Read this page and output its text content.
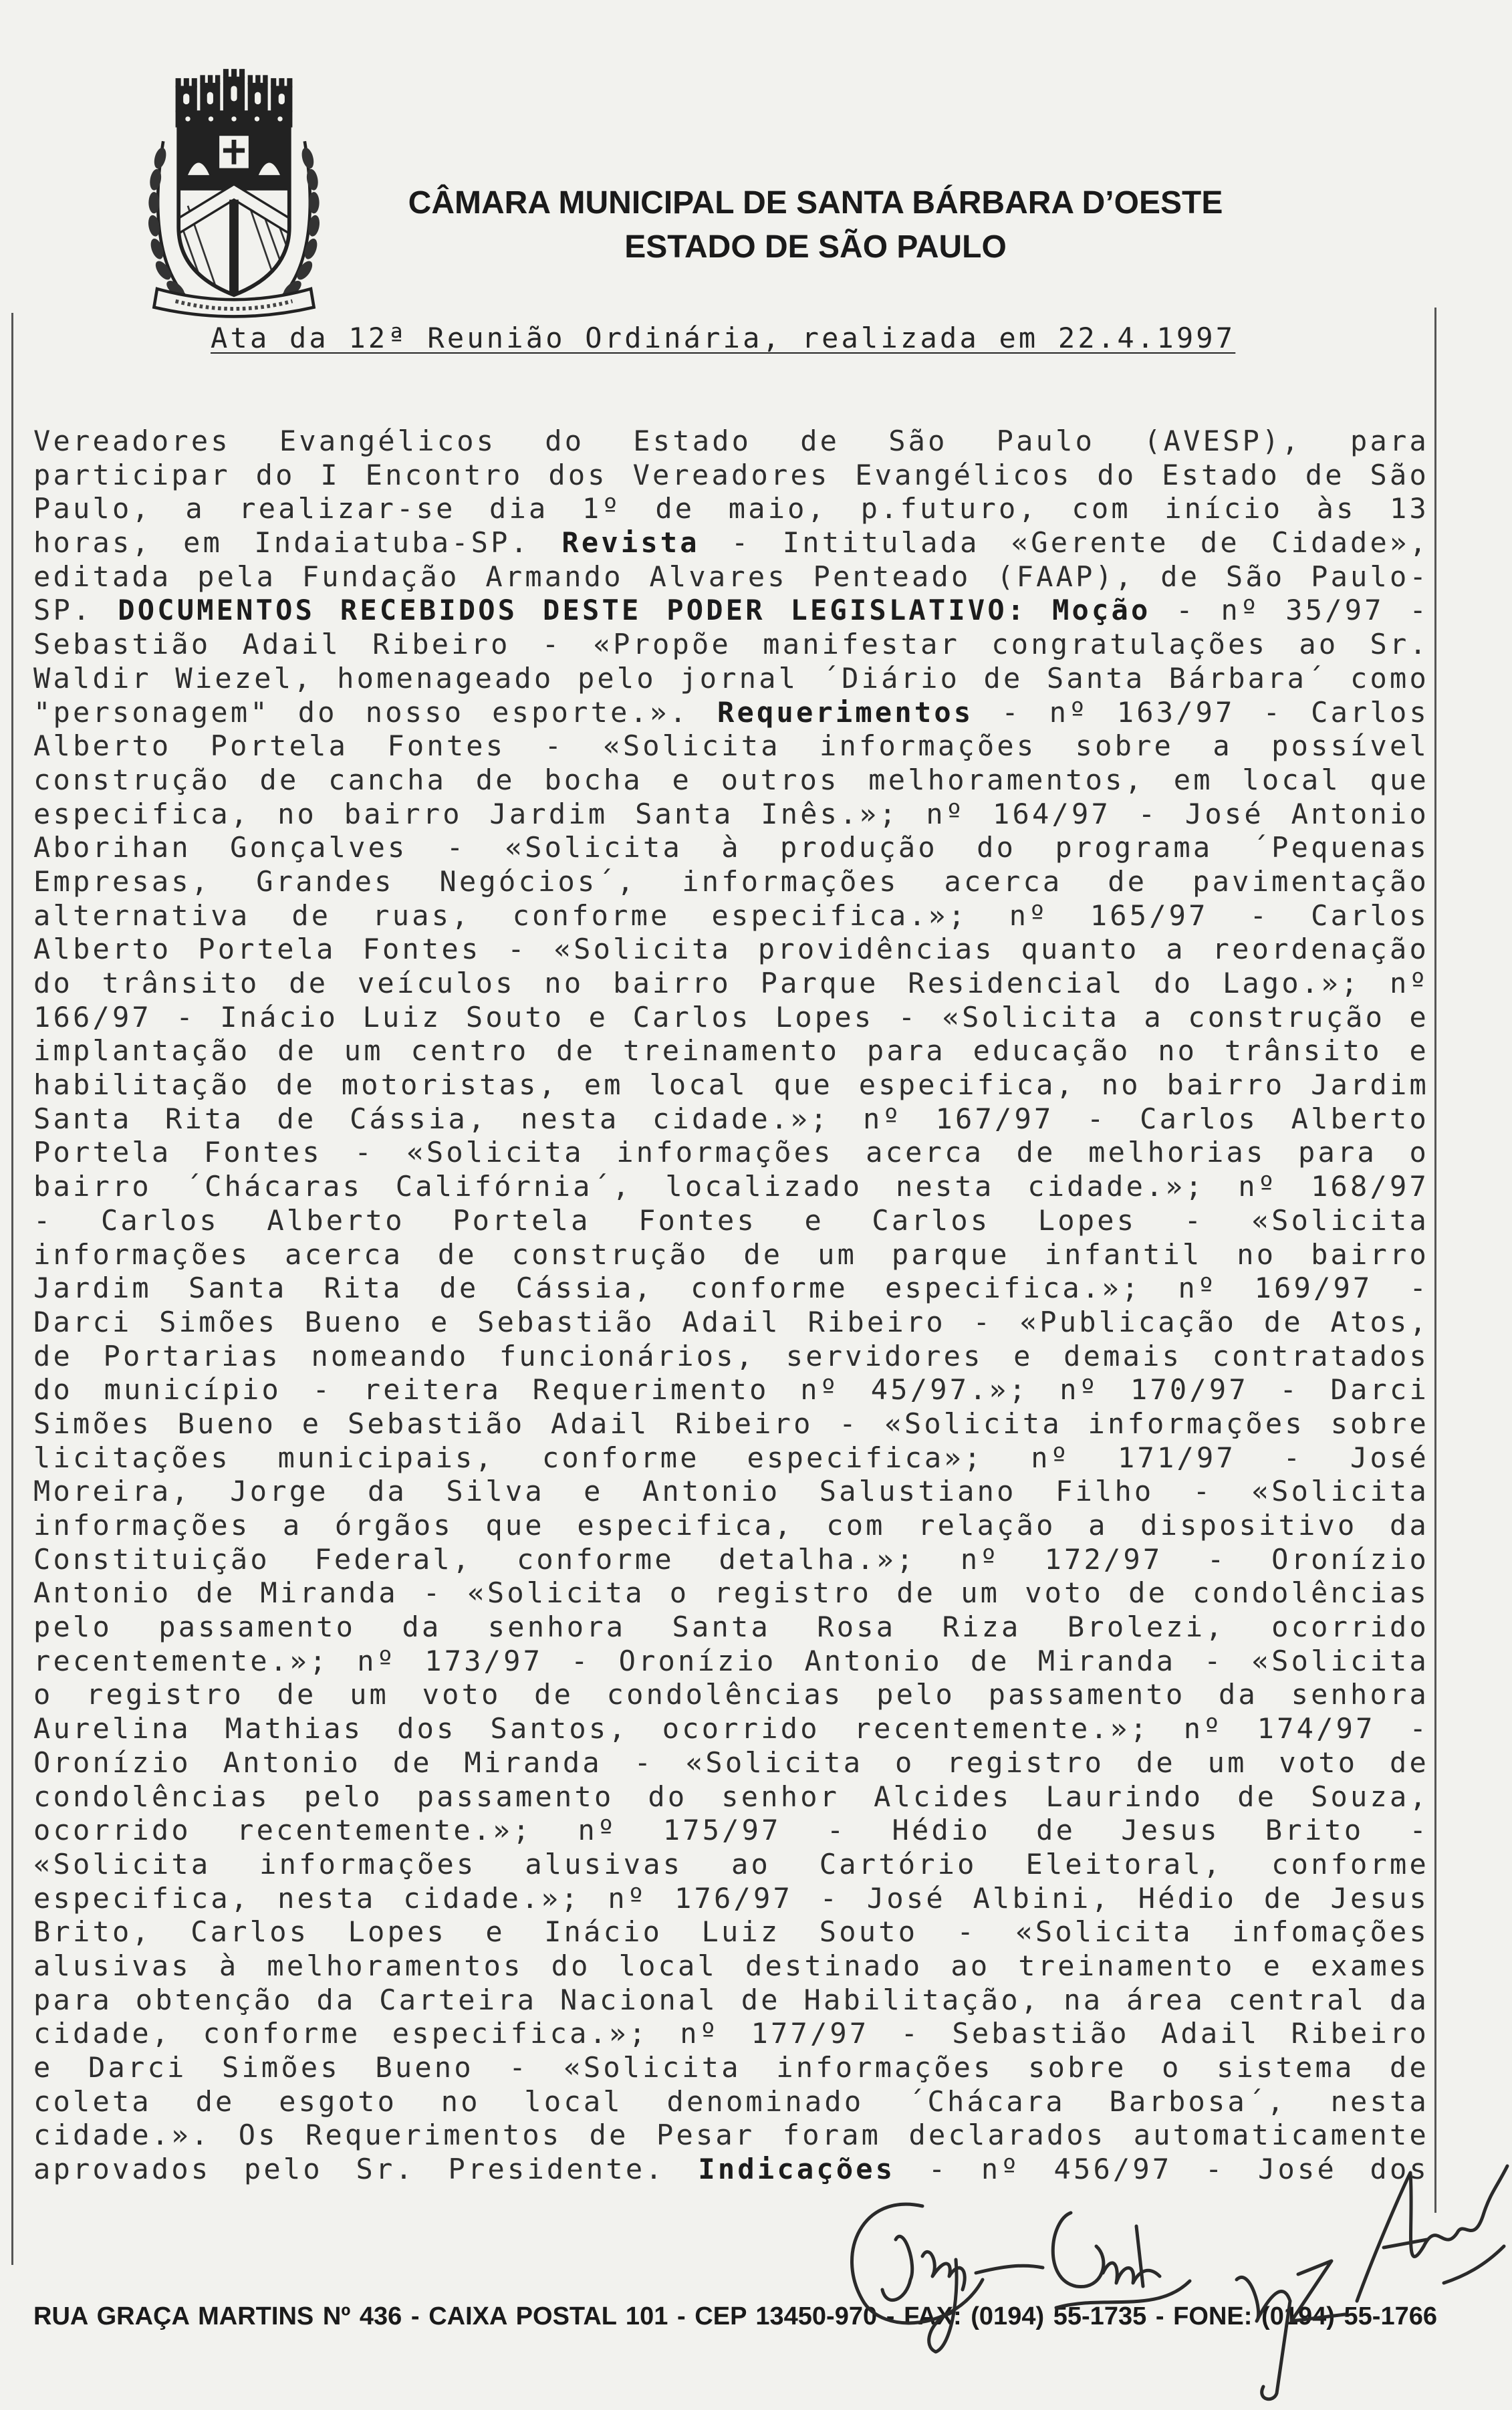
CÂMARA MUNICIPAL DE SANTA BÁRBARA D’OESTE
ESTADO DE SÃO PAULO
Ata da 12ª Reunião Ordinária, realizada em 22.4.1997
Vereadores Evangélicos do Estado de São Paulo (AVESP), para
participar do I Encontro dos Vereadores Evangélicos do Estado de São
Paulo, a realizar-se dia 1º de maio, p.futuro, com início às 13
horas, em Indaiatuba-SP. Revista - Intitulada «Gerente de Cidade»,
editada pela Fundação Armando Alvares Penteado (FAAP), de São Paulo-
SP. DOCUMENTOS RECEBIDOS DESTE PODER LEGISLATIVO: Moção - nº 35/97 -
Sebastião Adail Ribeiro - «Propõe manifestar congratulações ao Sr.
Waldir Wiezel, homenageado pelo jornal ´Diário de Santa Bárbara´ como
"personagem" do nosso esporte.». Requerimentos - nº 163/97 - Carlos
Alberto Portela Fontes - «Solicita informações sobre a possível
construção de cancha de bocha e outros melhoramentos, em local que
especifica, no bairro Jardim Santa Inês.»; nº 164/97 - José Antonio
Aborihan Gonçalves - «Solicita à produção do programa ´Pequenas
Empresas, Grandes Negócios´, informações acerca de pavimentação
alternativa de ruas, conforme especifica.»; nº 165/97 - Carlos
Alberto Portela Fontes - «Solicita providências quanto a reordenação
do trânsito de veículos no bairro Parque Residencial do Lago.»; nº
166/97 - Inácio Luiz Souto e Carlos Lopes - «Solicita a construção e
implantação de um centro de treinamento para educação no trânsito e
habilitação de motoristas, em local que especifica, no bairro Jardim
Santa Rita de Cássia, nesta cidade.»; nº 167/97 - Carlos Alberto
Portela Fontes - «Solicita informações acerca de melhorias para o
bairro ´Chácaras Califórnia´, localizado nesta cidade.»; nº 168/97
- Carlos Alberto Portela Fontes e Carlos Lopes - «Solicita
informações acerca de construção de um parque infantil no bairro
Jardim Santa Rita de Cássia, conforme especifica.»; nº 169/97 -
Darci Simões Bueno e Sebastião Adail Ribeiro - «Publicação de Atos,
de Portarias nomeando funcionários, servidores e demais contratados
do município - reitera Requerimento nº 45/97.»; nº 170/97 - Darci
Simões Bueno e Sebastião Adail Ribeiro - «Solicita informações sobre
licitações municipais, conforme especifica»; nº 171/97 - José
Moreira, Jorge da Silva e Antonio Salustiano Filho - «Solicita
informações a órgãos que especifica, com relação a dispositivo da
Constituição Federal, conforme detalha.»; nº 172/97 - Oronízio
Antonio de Miranda - «Solicita o registro de um voto de condolências
pelo passamento da senhora Santa Rosa Riza Brolezi, ocorrido
recentemente.»; nº 173/97 - Oronízio Antonio de Miranda - «Solicita
o registro de um voto de condolências pelo passamento da senhora
Aurelina Mathias dos Santos, ocorrido recentemente.»; nº 174/97 -
Oronízio Antonio de Miranda - «Solicita o registro de um voto de
condolências pelo passamento do senhor Alcides Laurindo de Souza,
ocorrido recentemente.»; nº 175/97 - Hédio de Jesus Brito -
«Solicita informações alusivas ao Cartório Eleitoral, conforme
especifica, nesta cidade.»; nº 176/97 - José Albini, Hédio de Jesus
Brito, Carlos Lopes e Inácio Luiz Souto - «Solicita infomações
alusivas à melhoramentos do local destinado ao treinamento e exames
para obtenção da Carteira Nacional de Habilitação, na área central da
cidade, conforme especifica.»; nº 177/97 - Sebastião Adail Ribeiro
e Darci Simões Bueno - «Solicita informações sobre o sistema de
coleta de esgoto no local denominado ´Chácara Barbosa´, nesta
cidade.». Os Requerimentos de Pesar foram declarados automaticamente
aprovados pelo Sr. Presidente. Indicações - nº 456/97 - José dos
RUA GRAÇA MARTINS Nº 436 - CAIXA POSTAL 101 - CEP 13450-970 - FAX: (0194) 55-1735 - FONE: (0194) 55-1766
